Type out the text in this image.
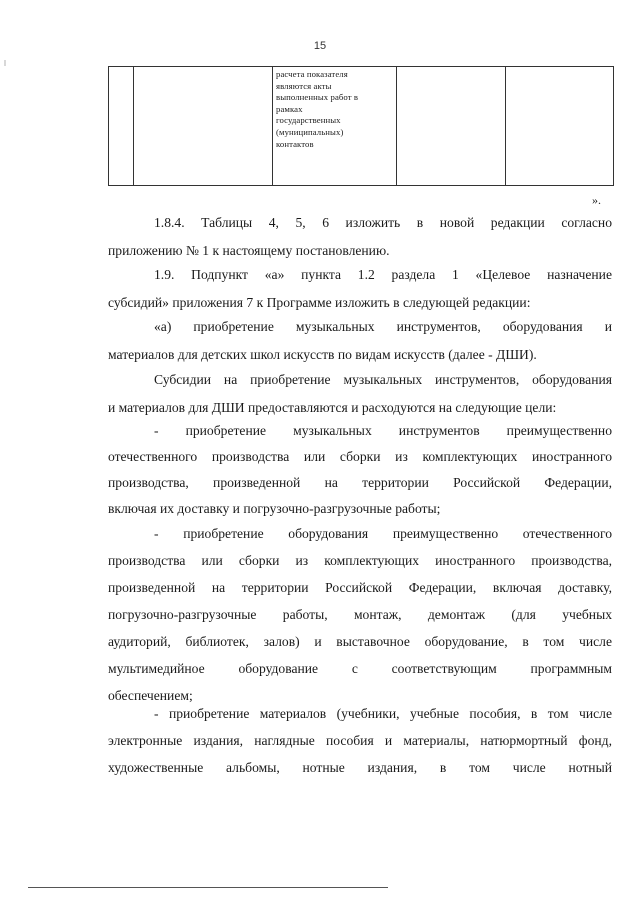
15

расчета показателя
являются акты
выполненных работ в
рамках
государственных
(муниципальных)
контактов

».
1.8.4. Таблицы 4, 5, 6 изложить в новой редакции согласно
приложению № 1 к настоящему постановлению.
1.9. Подпункт «а» пункта 1.2 раздела 1 «Целевое назначение
субсидий» приложения 7 к Программе изложить в следующей редакции:
«а) приобретение музыкальных инструментов, оборудования и
материалов для детских школ искусств по видам искусств (далее - ДШИ).
Субсидии на приобретение музыкальных инструментов, оборудования
и материалов для ДШИ предоставляются и расходуются на следующие цели:
- приобретение музыкальных инструментов преимущественно
отечественного производства или сборки из комплектующих иностранного
производства, произведенной на территории Российской Федерации,
включая их доставку и погрузочно-разгрузочные работы;
- приобретение оборудования преимущественно отечественного
производства или сборки из комплектующих иностранного производства,
произведенной на территории Российской Федерации, включая доставку,
погрузочно-разгрузочные работы, монтаж, демонтаж (для учебных
аудиторий, библиотек, залов) и выставочное оборудование, в том числе
мультимедийное оборудование с соответствующим программным
обеспечением;
- приобретение материалов (учебники, учебные пособия, в том числе
электронные издания, наглядные пособия и материалы, натюрмортный фонд,
художественные альбомы, нотные издания, в том числе нотный
